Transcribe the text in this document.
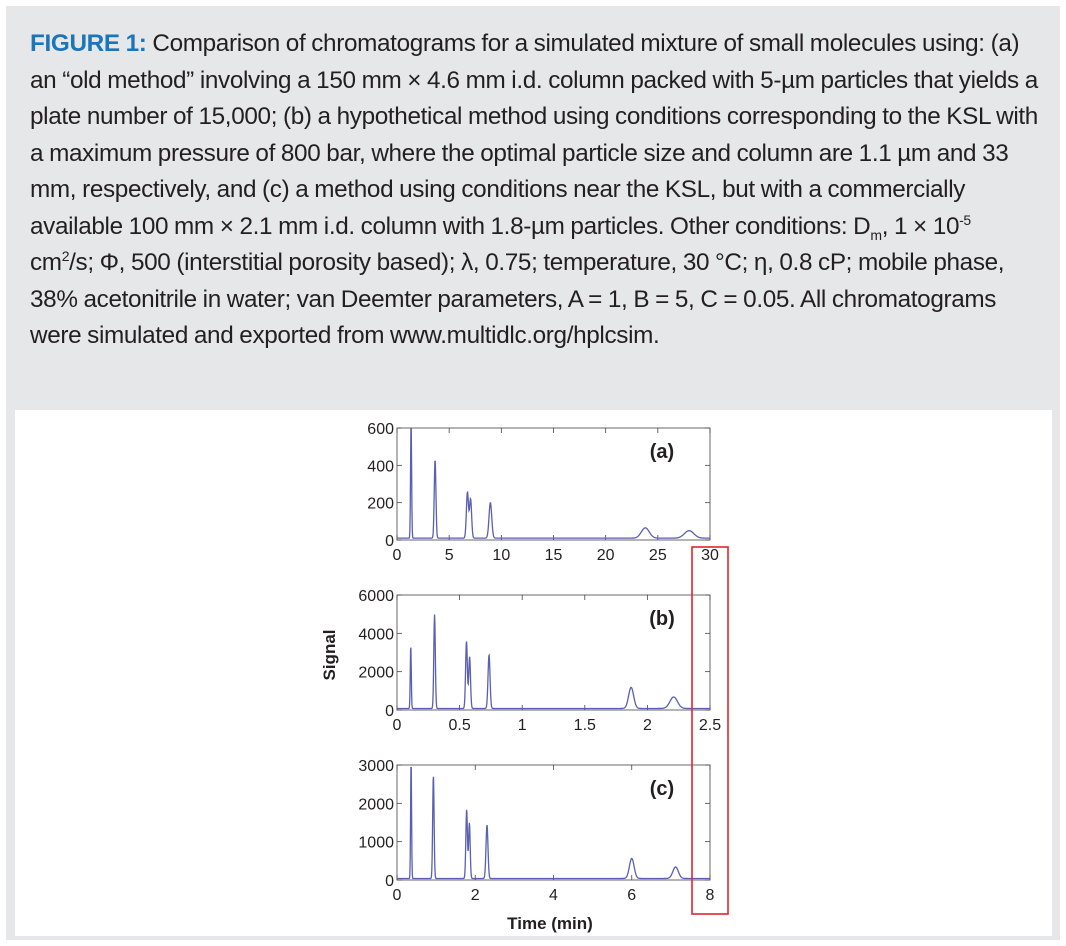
FIGURE 1: Comparison of chromatograms for a simulated mixture of small molecules using: (a) an “old method” involving a 150 mm × 4.6 mm i.d. column packed with 5-µm particles that yields a plate number of 15,000; (b) a hypothetical method using conditions corresponding to the KSL with a maximum pressure of 800 bar, where the optimal particle size and column are 1.1 µm and 33 mm, respectively, and (c) a method using conditions near the KSL, but with a commercially available 100 mm × 2.1 mm i.d. column with 1.8-µm particles. Other conditions: $D_m$, $1 \times 10^{-5}$ $cm^2/s$; Φ, 500 (interstitial porosity based); λ, 0.75; temperature, 30 °C; η, 0.8 cP; mobile phase, 38% acetonitrile in water; van Deemter parameters, A = 1, B = 5, C = 0.05. All chromatograms were simulated and exported from www.multidlc.org/hplcsim.
0
200
400
600
0	5 10 15 20 25 30
(a)
0
2000
4000
6000
0	0.5	1	1.5	2	2.5
(b)
0
1000
2000
3000
0	2	4	6	8
(c)
Signal
Time (min)
